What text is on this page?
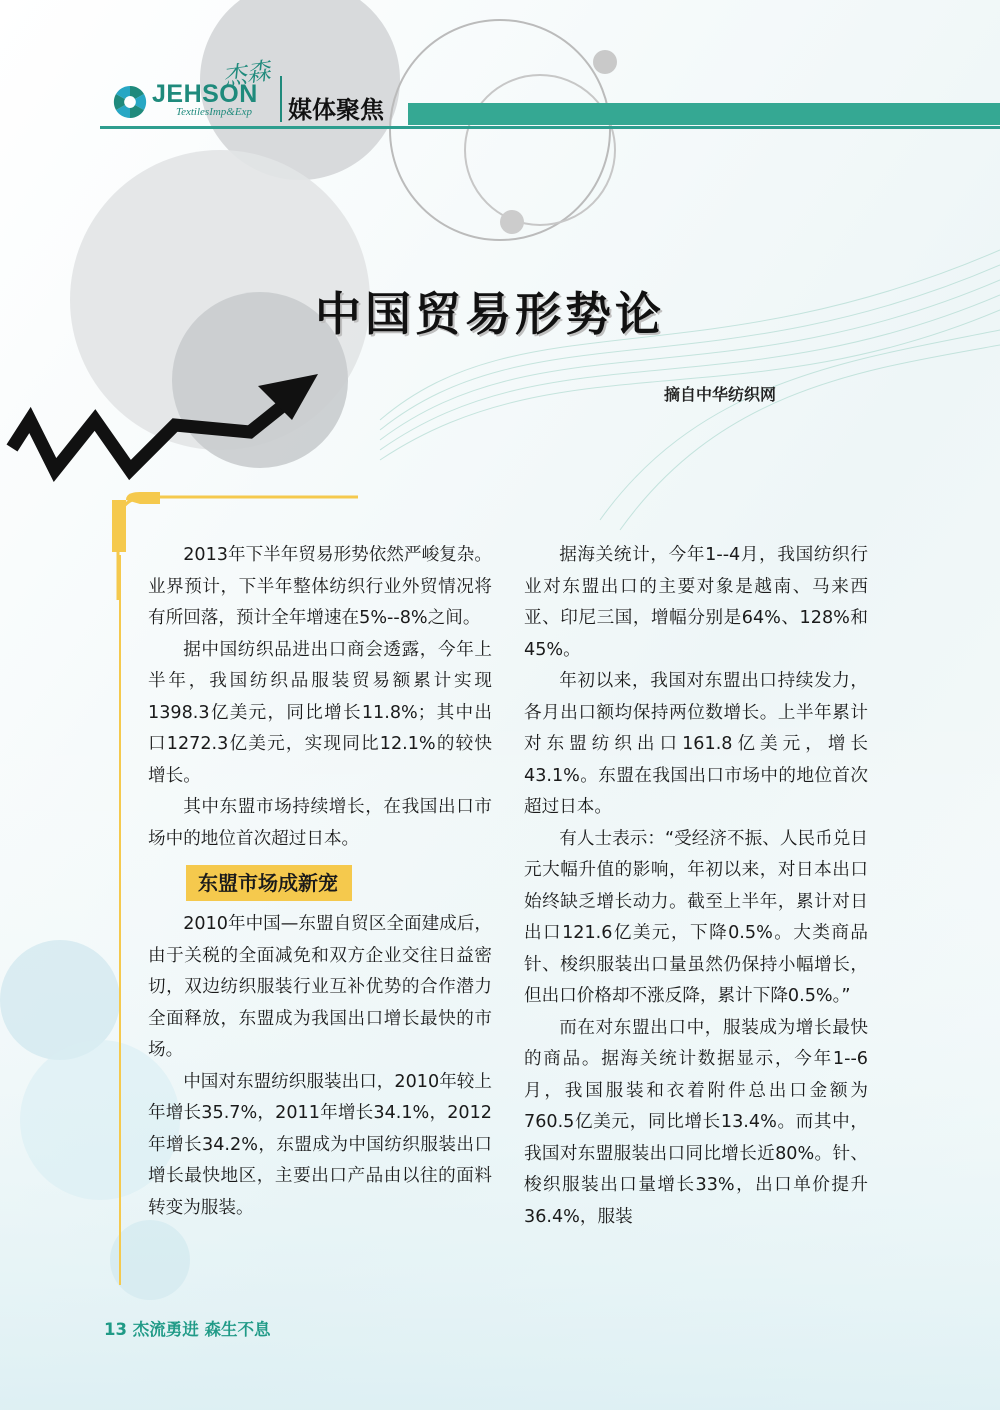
JEHSON
TextilesImp&Exp
杰森
媒体聚焦
中国贸易形势论
摘自中华纺织网

2013年下半年贸易形势依然严峻复杂。业界预计，下半年整体纺织行业外贸情况将有所回落，预计全年增速在5%--8%之间。

据中国纺织品进出口商会透露，今年上半年，我国纺织品服装贸易额累计实现1398.3亿美元，同比增长11.8%；其中出口1272.3亿美元，实现同比12.1%的较快增长。

其中东盟市场持续增长，在我国出口市场中的地位首次超过日本。

东盟市场成新宠

2010年中国—东盟自贸区全面建成后，由于关税的全面减免和双方企业交往日益密切，双边纺织服装行业互补优势的合作潜力全面释放，东盟成为我国出口增长最快的市场。

中国对东盟纺织服装出口，2010年较上年增长35.7%，2011年增长34.1%，2012年增长34.2%，东盟成为中国纺织服装出口增长最快地区，主要出口产品由以往的面料转变为服装。

据海关统计，今年1--4月，我国纺织行业对东盟出口的主要对象是越南、马来西亚、印尼三国，增幅分别是64%、128%和45%。

年初以来，我国对东盟出口持续发力，各月出口额均保持两位数增长。上半年累计对东盟纺织出口161.8亿美元，增长43.1%。东盟在我国出口市场中的地位首次超过日本。

有人士表示：“受经济不振、人民币兑日元大幅升值的影响，年初以来，对日本出口始终缺乏增长动力。截至上半年，累计对日出口121.6亿美元，下降0.5%。大类商品针、梭织服装出口量虽然仍保持小幅增长，但出口价格却不涨反降，累计下降0.5%。”

而在对东盟出口中，服装成为增长最快的商品。据海关统计数据显示，今年1--6月，我国服装和衣着附件总出口金额为760.5亿美元，同比增长13.4%。而其中，我国对东盟服装出口同比增长近80%。针、梭织服装出口量增长33%，出口单价提升36.4%，服装

13 杰流勇进 森生不息
